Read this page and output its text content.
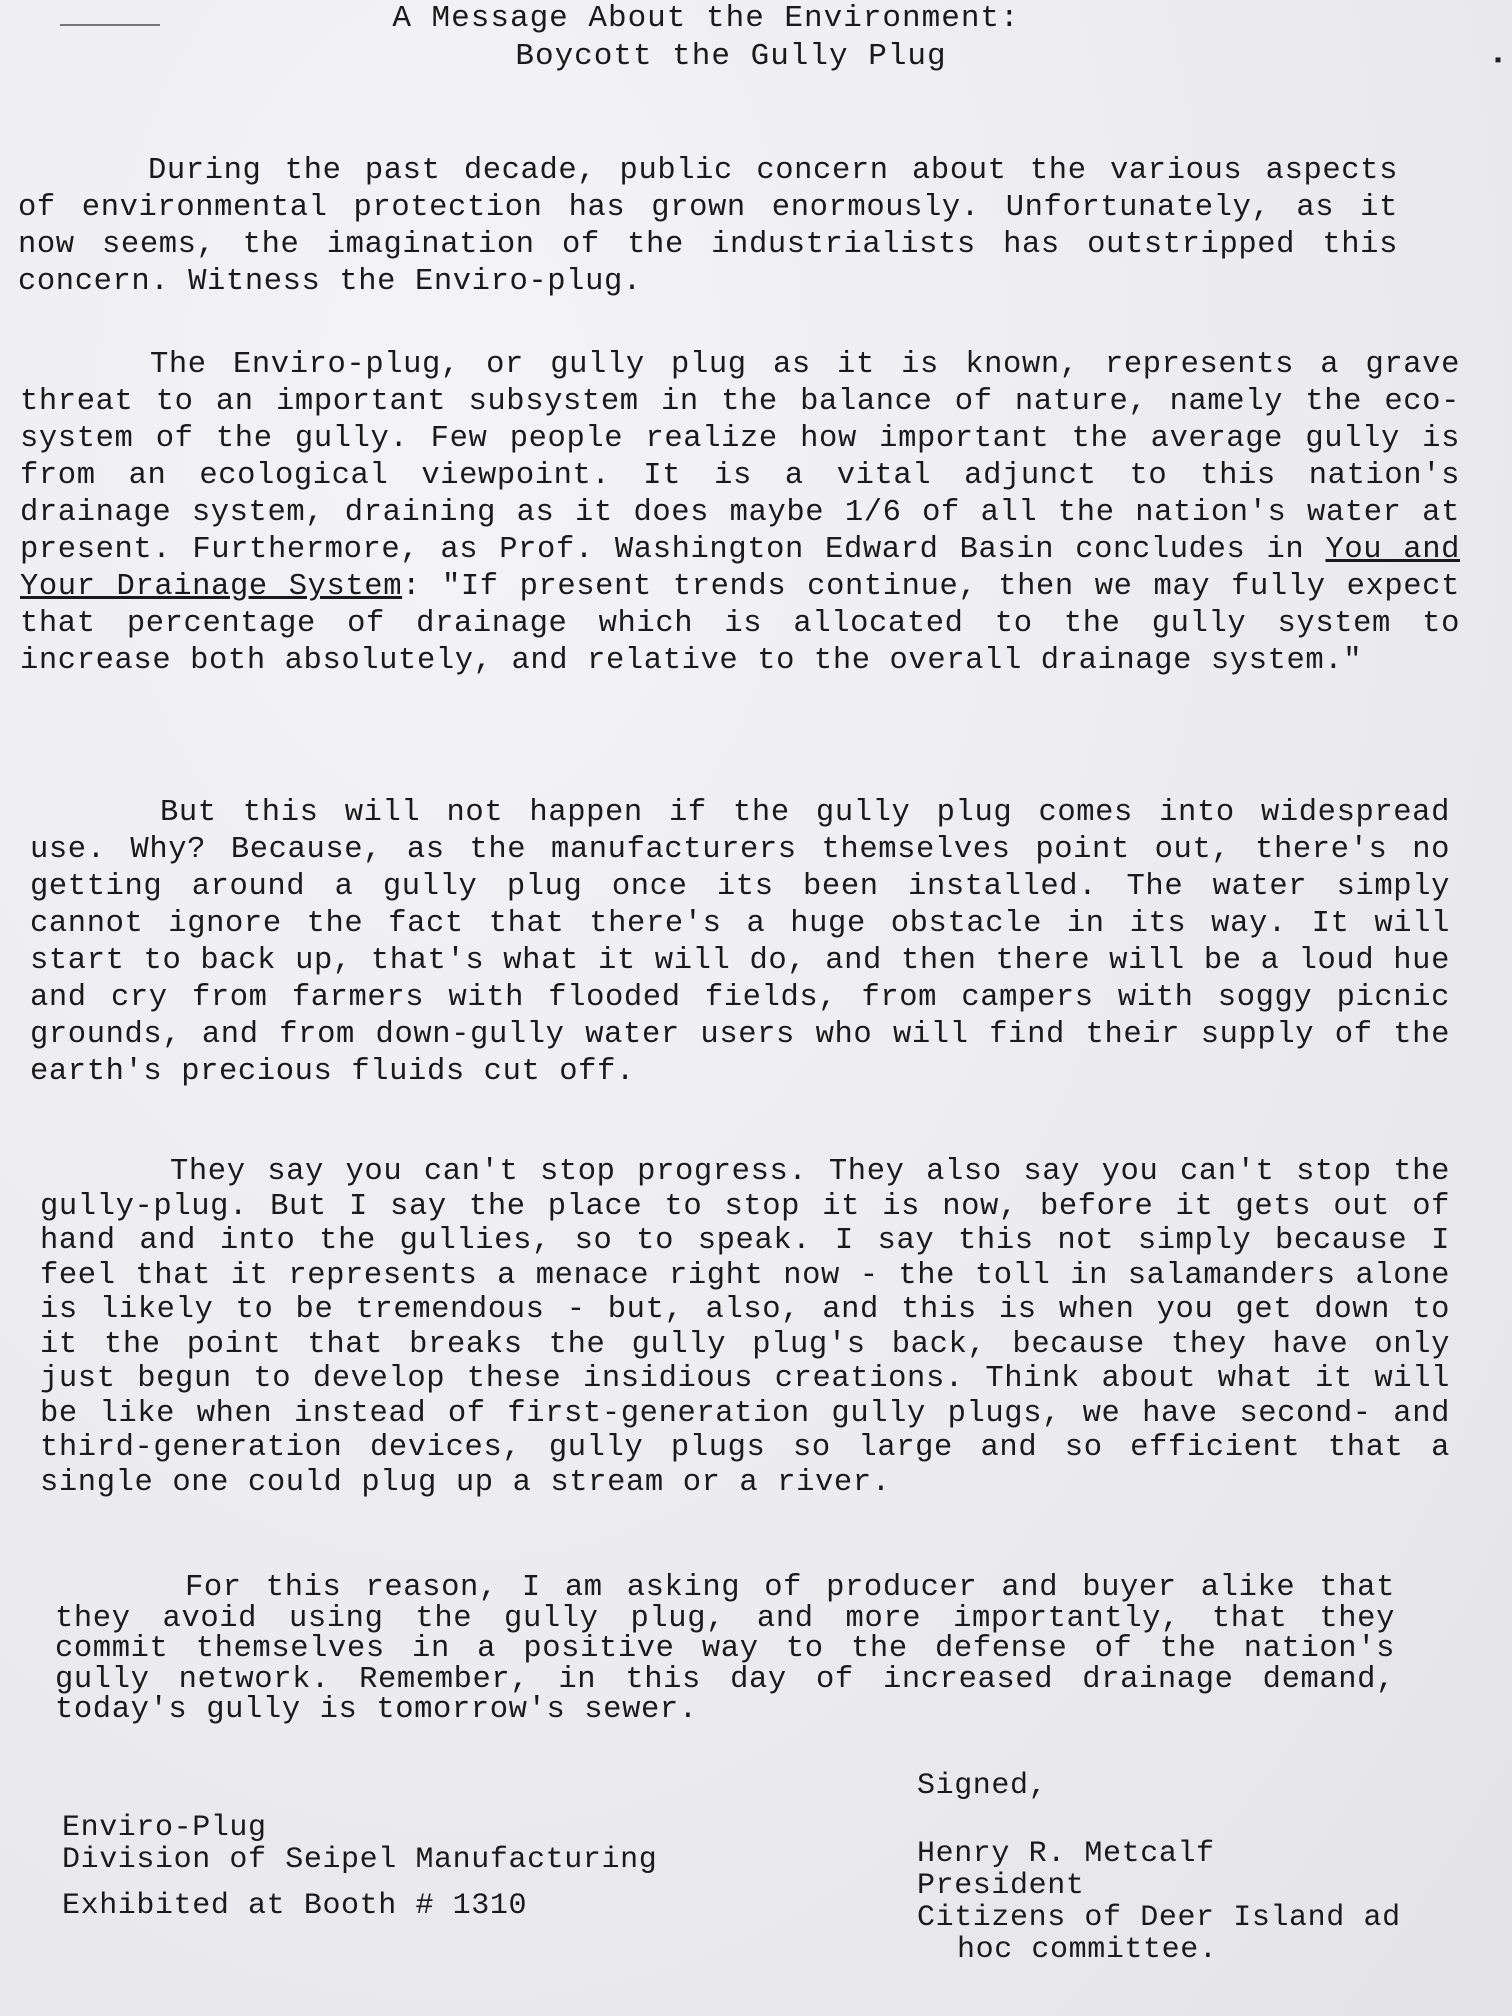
▪
A Message About the Environment:
Boycott the Gully Plug

During the past decade, public concern about the various aspects of environmental protection has grown enormously. Unfortunately, as it now seems, the imagination of the industrialists has outstripped this concern. Witness the Enviro-plug.

The Enviro-plug, or gully plug as it is known, represents a grave threat to an important subsystem in the balance of nature, namely the eco-system of the gully. Few people realize how important the average gully is from an ecological viewpoint. It is a vital adjunct to this nation's drainage system, draining as it does maybe 1/6 of all the nation's water at present. Furthermore, as Prof. Washington Edward Basin concludes in You and Your Drainage System: "If present trends continue, then we may fully expect that percentage of drainage which is allocated to the gully system to increase both absolutely, and relative to the overall drainage system."

But this will not happen if the gully plug comes into widespread use. Why? Because, as the manufacturers themselves point out, there's no getting around a gully plug once its been installed. The water simply cannot ignore the fact that there's a huge obstacle in its way. It will start to back up, that's what it will do, and then there will be a loud hue and cry from farmers with flooded fields, from campers with soggy picnic grounds, and from down-gully water users who will find their supply of the earth's precious fluids cut off.

They say you can't stop progress. They also say you can't stop the gully-plug. But I say the place to stop it is now, before it gets out of hand and into the gullies, so to speak. I say this not simply because I feel that it represents a menace right now - the toll in salamanders alone is likely to be tremendous - but, also, and this is when you get down to it the point that breaks the gully plug's back, because they have only just begun to develop these insidious creations. Think about what it will be like when instead of first-generation gully plugs, we have second- and third-generation devices, gully plugs so large and so efficient that a single one could plug up a stream or a river.

For this reason, I am asking of producer and buyer alike that they avoid using the gully plug, and more importantly, that they commit themselves in a positive way to the defense of the nation's gully network. Remember, in this day of increased drainage demand, today's gully is tomorrow's sewer.

Signed,
Henry R. Metcalf
President
Citizens of Deer Island ad
hoc committee.
Enviro-Plug
Division of Seipel Manufacturing
Exhibited at Booth # 1310
